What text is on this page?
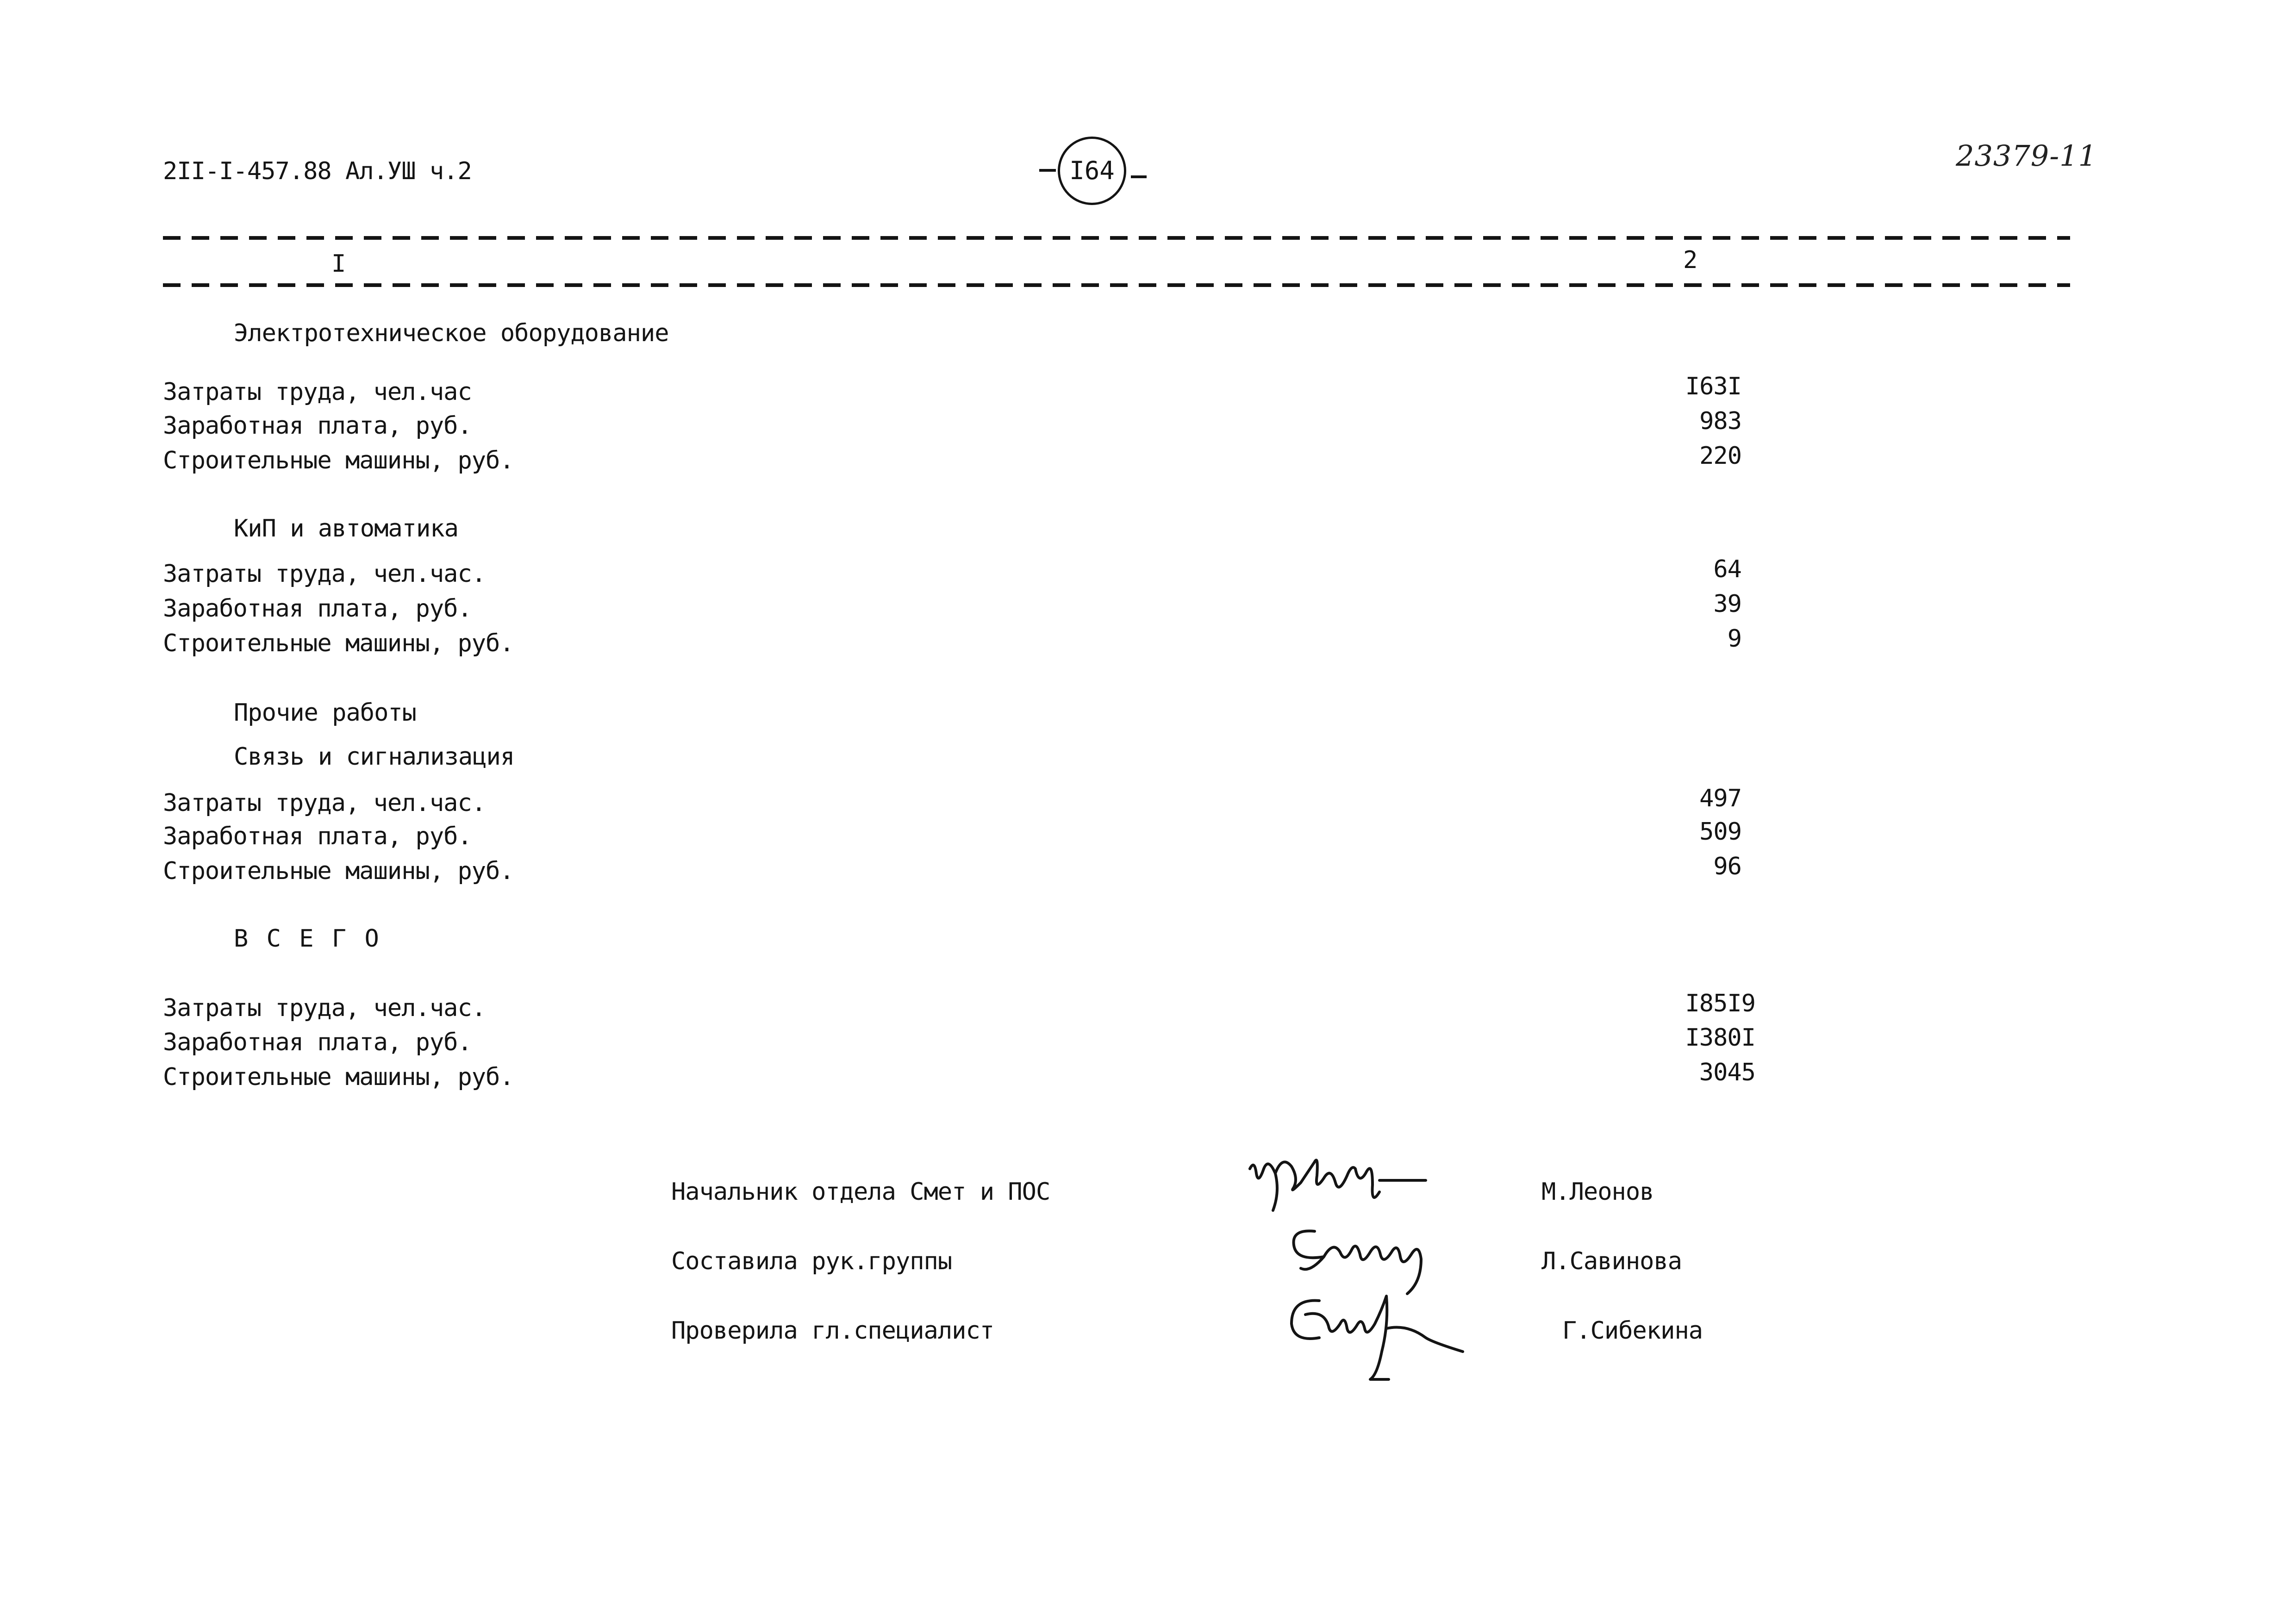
2II-I-457.88 Ал.УШ ч.2	I64	23379-11
I	2
Электротехническое оборудование
Затраты труда, чел.час	I63I
Заработная плата, руб.	983
Строительные машины, руб.	220
КиП и автоматика
Затраты труда, чел.час.	64
Заработная плата, руб.	39
Строительные машины, руб.	9
Прочие работы
Связь и сигнализация
Затраты труда, чел.час.	497
Заработная плата, руб.	509
Строительные машины, руб.	96
В С Е Г О
Затраты труда, чел.час.	I85I9
Заработная плата, руб.	I380I
Строительные машины, руб.	3045
Начальник отдела Смет и ПОС	М.Леонов
Составила рук.группы	Л.Савинова
Проверила гл.специалист	Г.Сибекина
